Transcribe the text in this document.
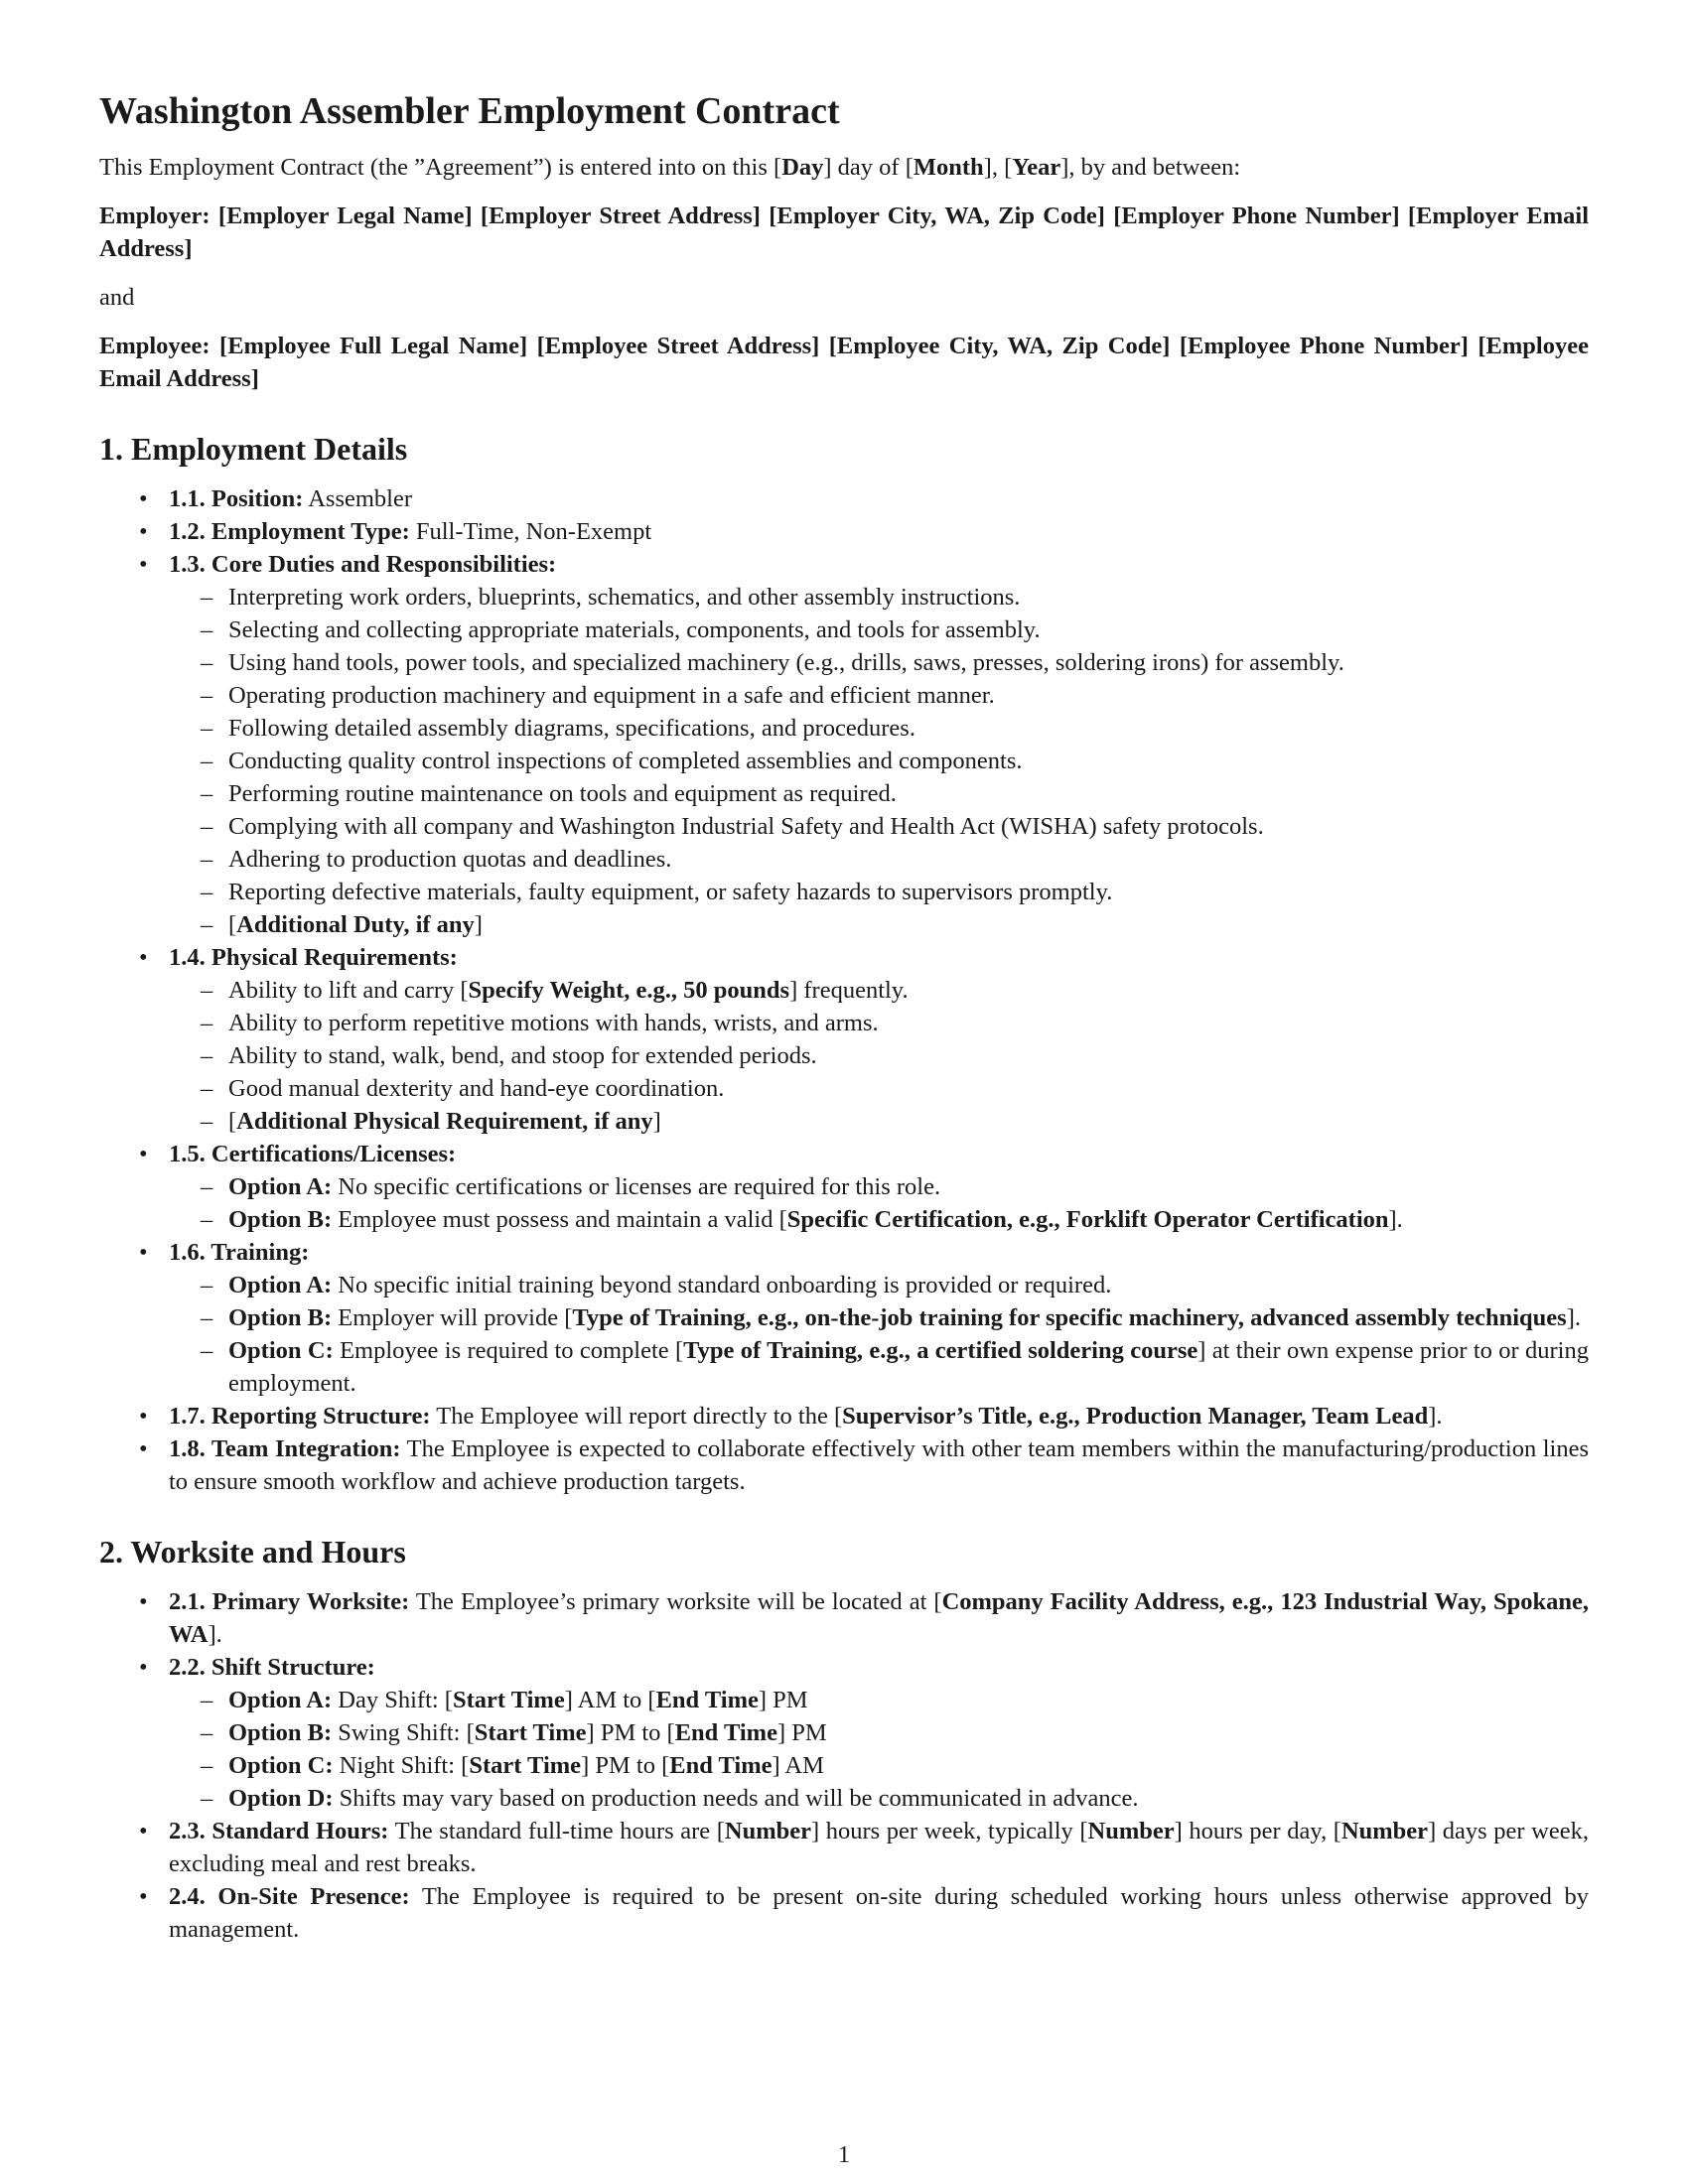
Washington Assembler Employment Contract

This Employment Contract (the ”Agreement”) is entered into on this [Day] day of [Month], [Year], by and between:

Employer: [Employer Legal Name] [Employer Street Address] [Employer City, WA, Zip Code] [Employer Phone Number] [Employer Email Address]

and

Employee: [Employee Full Legal Name] [Employee Street Address] [Employee City, WA, Zip Code] [Employee Phone Number] [Employee Email Address]

1. Employment Details
• 1.1. Position: Assembler
• 1.2. Employment Type: Full-Time, Non-Exempt
• 1.3. Core Duties and Responsibilities:
– Interpreting work orders, blueprints, schematics, and other assembly instructions.
– Selecting and collecting appropriate materials, components, and tools for assembly.
– Using hand tools, power tools, and specialized machinery (e.g., drills, saws, presses, soldering irons) for assembly.
– Operating production machinery and equipment in a safe and efficient manner.
– Following detailed assembly diagrams, specifications, and procedures.
– Conducting quality control inspections of completed assemblies and components.
– Performing routine maintenance on tools and equipment as required.
– Complying with all company and Washington Industrial Safety and Health Act (WISHA) safety protocols.
– Adhering to production quotas and deadlines.
– Reporting defective materials, faulty equipment, or safety hazards to supervisors promptly.
– [Additional Duty, if any]
• 1.4. Physical Requirements:
– Ability to lift and carry [Specify Weight, e.g., 50 pounds] frequently.
– Ability to perform repetitive motions with hands, wrists, and arms.
– Ability to stand, walk, bend, and stoop for extended periods.
– Good manual dexterity and hand-eye coordination.
– [Additional Physical Requirement, if any]
• 1.5. Certifications/Licenses:
– Option A: No specific certifications or licenses are required for this role.
– Option B: Employee must possess and maintain a valid [Specific Certification, e.g., Forklift Operator Certification].
• 1.6. Training:
– Option A: No specific initial training beyond standard onboarding is provided or required.
– Option B: Employer will provide [Type of Training, e.g., on-the-job training for specific machinery, advanced assembly techniques].
– Option C: Employee is required to complete [Type of Training, e.g., a certified soldering course] at their own expense prior to or during employment.
• 1.7. Reporting Structure: The Employee will report directly to the [Supervisor’s Title, e.g., Production Manager, Team Lead].
• 1.8. Team Integration: The Employee is expected to collaborate effectively with other team members within the manufacturing/production lines to ensure smooth workflow and achieve production targets.
2. Worksite and Hours
• 2.1. Primary Worksite: The Employee’s primary worksite will be located at [Company Facility Address, e.g., 123 Industrial Way, Spokane, WA].
• 2.2. Shift Structure:
– Option A: Day Shift: [Start Time] AM to [End Time] PM
– Option B: Swing Shift: [Start Time] PM to [End Time] PM
– Option C: Night Shift: [Start Time] PM to [End Time] AM
– Option D: Shifts may vary based on production needs and will be communicated in advance.
• 2.3. Standard Hours: The standard full-time hours are [Number] hours per week, typically [Number] hours per day, [Number] days per week, excluding meal and rest breaks.
• 2.4. On-Site Presence: The Employee is required to be present on-site during scheduled working hours unless otherwise approved by management.
1
